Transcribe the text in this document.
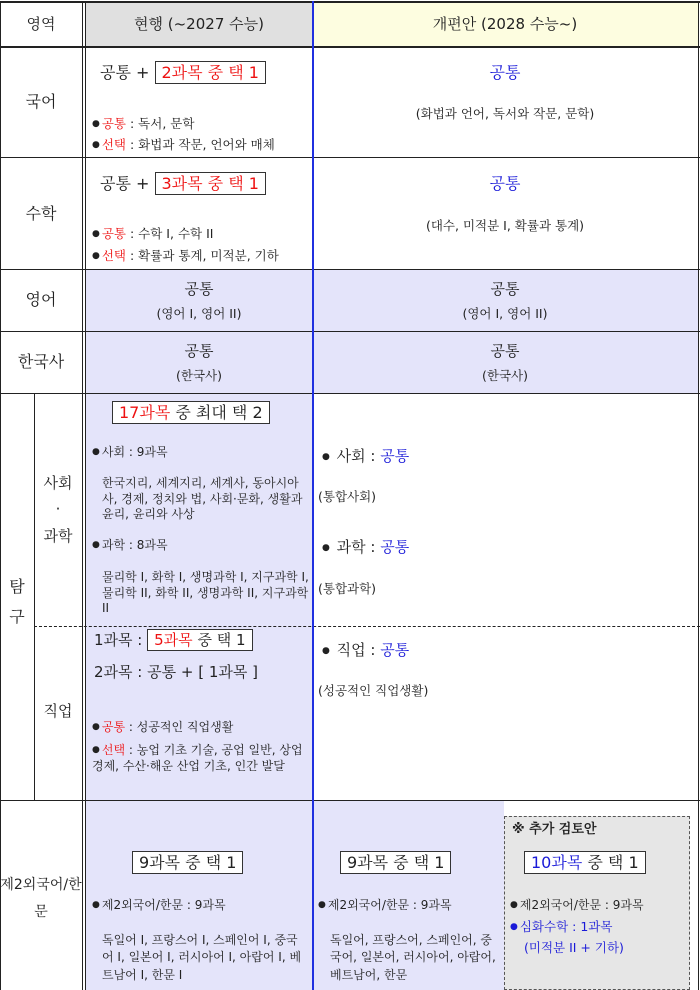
영역	현행 (~2027 수능)	개편안 (2028 수능~)
국어
공통 + 2과목 중 택 1
● 공통 : 독서, 문학
● 선택 : 화법과 작문, 언어와 매체
공통
(화법과 언어, 독서와 작문, 문학)
수학
공통 + 3과목 중 택 1
● 공통 : 수학 I, 수학 II
● 선택 : 확률과 통계, 미적분, 기하
공통
(대수, 미적분 I, 확률과 통계)
영어
공통
(영어 I, 영어 II)
공통
(영어 I, 영어 II)
한국사
공통
(한국사)
공통
(한국사)
탐
구
사회
·
과학
직업
17과목 중 최대 택 2
● 사회 : 9과목
한국지리, 세계지리, 세계사, 동아시아사, 경제, 정치와 법, 사회·문화, 생활과 윤리, 윤리와 사상
● 과학 : 8과목
물리학 I, 화학 I, 생명과학 I, 지구과학 I, 물리학 II, 화학 II, 생명과학 II, 지구과학 II
● 사회 : 공통
(통합사회)
● 과학 : 공통
(통합과학)
1과목 : 5과목 중 택 1
2과목 : 공통 + [ 1과목 ]
● 공통 : 성공적인 직업생활
● 선택 : 농업 기초 기술, 공업 일반, 상업 경제, 수산·해운 산업 기초, 인간 발달
● 직업 : 공통
(성공적인 직업생활)
제2외국어/한문
9과목 중 택 1
● 제2외국어/한문 : 9과목
독일어 I, 프랑스어 I, 스페인어 I, 중국어 I, 일본어 I, 러시아어 I, 아랍어 I, 베트남어 I, 한문 I
9과목 중 택 1
● 제2외국어/한문 : 9과목
독일어, 프랑스어, 스페인어, 중국어, 일본어, 러시아어, 아랍어, 베트남어, 한문
※ 추가 검토안
10과목 중 택 1
● 제2외국어/한문 : 9과목
● 심화수학 : 1과목
(미적분 II + 기하)
